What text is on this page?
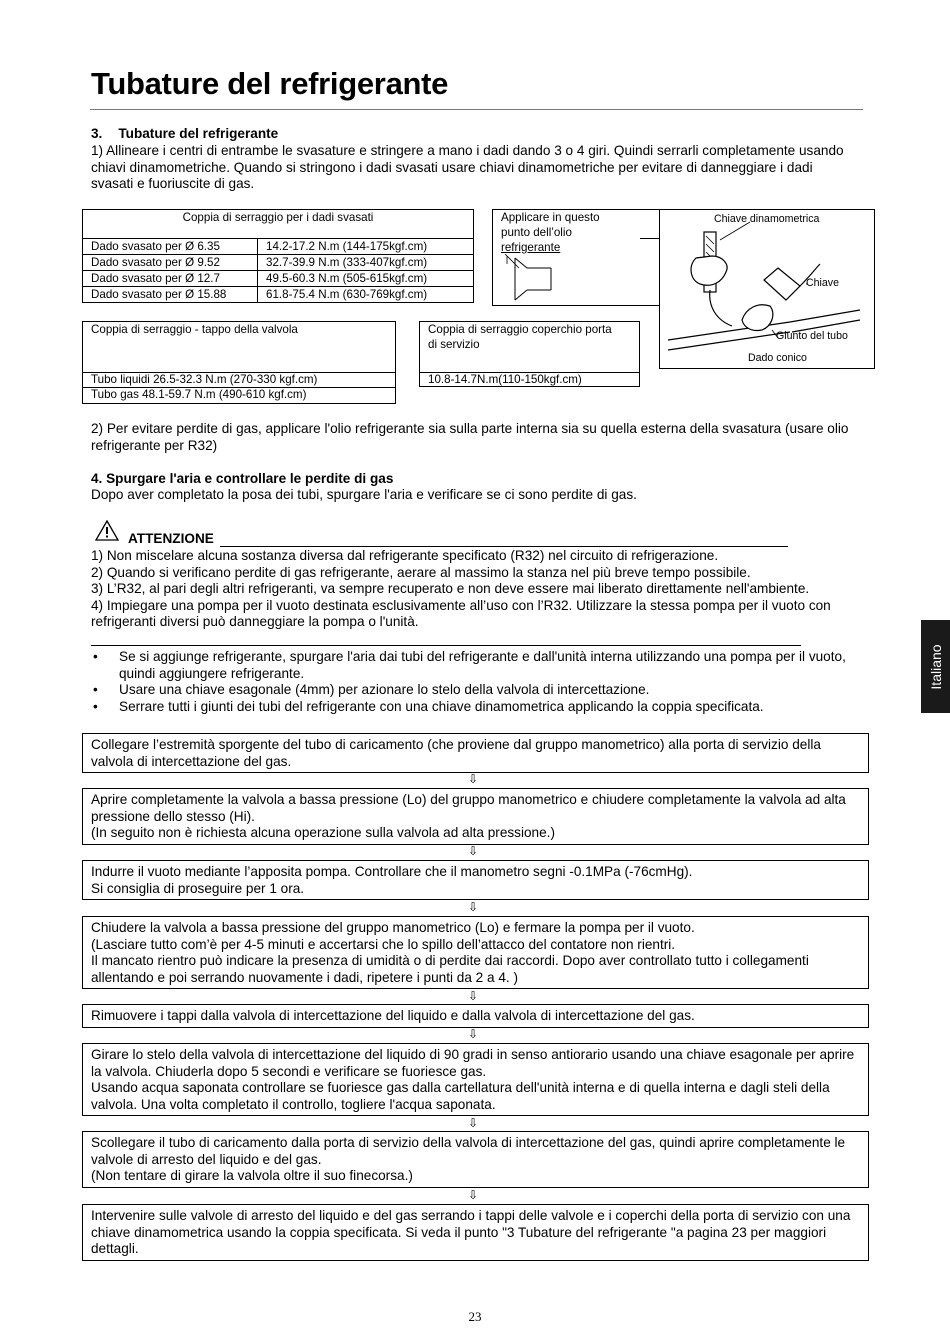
Tubature del refrigerante
3. Tubature del refrigerante
1) Allineare i centri di entrambe le svasature e stringere a mano i dadi dando 3 o 4 giri. Quindi serrarli completamente usando chiavi dinamometriche. Quando si stringono i dadi svasati usare chiavi dinamometriche per evitare di danneggiare i dadi svasati e fuoriuscite di gas.
Coppia di serraggio per i dadi svasati	
Dado svasato per Ø 6.35	14.2-17.2 N.m (144-175kgf.cm)
Dado svasato per Ø 9.52	32.7-39.9 N.m (333-407kgf.cm)
Dado svasato per Ø 12.7	49.5-60.3 N.m (505-615kgf.cm)
Dado svasato per Ø 15.88	61.8-75.4 N.m (630-769kgf.cm)
Applicare in questo
punto dell’olio
refrigerante
Chiave dinamometrica
Chiave
Giunto del tubo
Dado conico
Coppia di serraggio - tappo della valvola
Tubo liquidi 26.5-32.3 N.m (270-330 kgf.cm)
Tubo gas 48.1-59.7 N.m (490-610 kgf.cm)
Coppia di serraggio coperchio porta
di servizio
10.8-14.7N.m(110-150kgf.cm)
2) Per evitare perdite di gas, applicare l'olio refrigerante sia sulla parte interna sia su quella esterna della svasatura (usare olio refrigerante per R32)
4. Spurgare l'aria e controllare le perdite di gas
Dopo aver completato la posa dei tubi, spurgare l'aria e verificare se ci sono perdite di gas.
ATTENZIONE
1) Non miscelare alcuna sostanza diversa dal refrigerante specificato (R32) nel circuito di refrigerazione.
2) Quando si verificano perdite di gas refrigerante, aerare al massimo la stanza nel più breve tempo possibile.
3) L’R32, al pari degli altri refrigeranti, va sempre recuperato e non deve essere mai liberato direttamente nell'ambiente.
4) Impiegare una pompa per il vuoto destinata esclusivamente all’uso con l’R32. Utilizzare la stessa pompa per il vuoto con refrigeranti diversi può danneggiare la pompa o l'unità.
• Se si aggiunge refrigerante, spurgare l'aria dai tubi del refrigerante e dall'unità interna utilizzando una pompa per il vuoto, quindi aggiungere refrigerante.
• Usare una chiave esagonale (4mm) per azionare lo stelo della valvola di intercettazione.
• Serrare tutti i giunti dei tubi del refrigerante con una chiave dinamometrica applicando la coppia specificata.
Collegare l’estremità sporgente del tubo di caricamento (che proviene dal gruppo manometrico) alla porta di servizio della valvola di intercettazione del gas.
⇩
Aprire completamente la valvola a bassa pressione (Lo) del gruppo manometrico e chiudere completamente la valvola ad alta pressione dello stesso (Hi).
(In seguito non è richiesta alcuna operazione sulla valvola ad alta pressione.)
⇩
Indurre il vuoto mediante l’apposita pompa. Controllare che il manometro segni -0.1MPa (-76cmHg).
Si consiglia di proseguire per 1 ora.
⇩
Chiudere la valvola a bassa pressione del gruppo manometrico (Lo) e fermare la pompa per il vuoto.
(Lasciare tutto com’è per 4-5 minuti e accertarsi che lo spillo dell’attacco del contatore non rientri.
Il mancato rientro può indicare la presenza di umidità o di perdite dai raccordi. Dopo aver controllato tutto i collegamenti allentando e poi serrando nuovamente i dadi, ripetere i punti da 2 a 4. )
⇩
Rimuovere i tappi dalla valvola di intercettazione del liquido e dalla valvola di intercettazione del gas.
⇩
Girare lo stelo della valvola di intercettazione del liquido di 90 gradi in senso antiorario usando una chiave esagonale per aprire la valvola. Chiuderla dopo 5 secondi e verificare se fuoriesce gas.
Usando acqua saponata controllare se fuoriesce gas dalla cartellatura dell'unità interna e di quella interna e dagli steli della valvola. Una volta completato il controllo, togliere l'acqua saponata.
⇩
Scollegare il tubo di caricamento dalla porta di servizio della valvola di intercettazione del gas, quindi aprire completamente le valvole di arresto del liquido e del gas.
(Non tentare di girare la valvola oltre il suo finecorsa.)
⇩
Intervenire sulle valvole di arresto del liquido e del gas serrando i tappi delle valvole e i coperchi della porta di servizio con una chiave dinamometrica usando la coppia specificata. Si veda il punto "3 Tubature del refrigerante "a pagina 23 per maggiori dettagli.
Italiano
23
